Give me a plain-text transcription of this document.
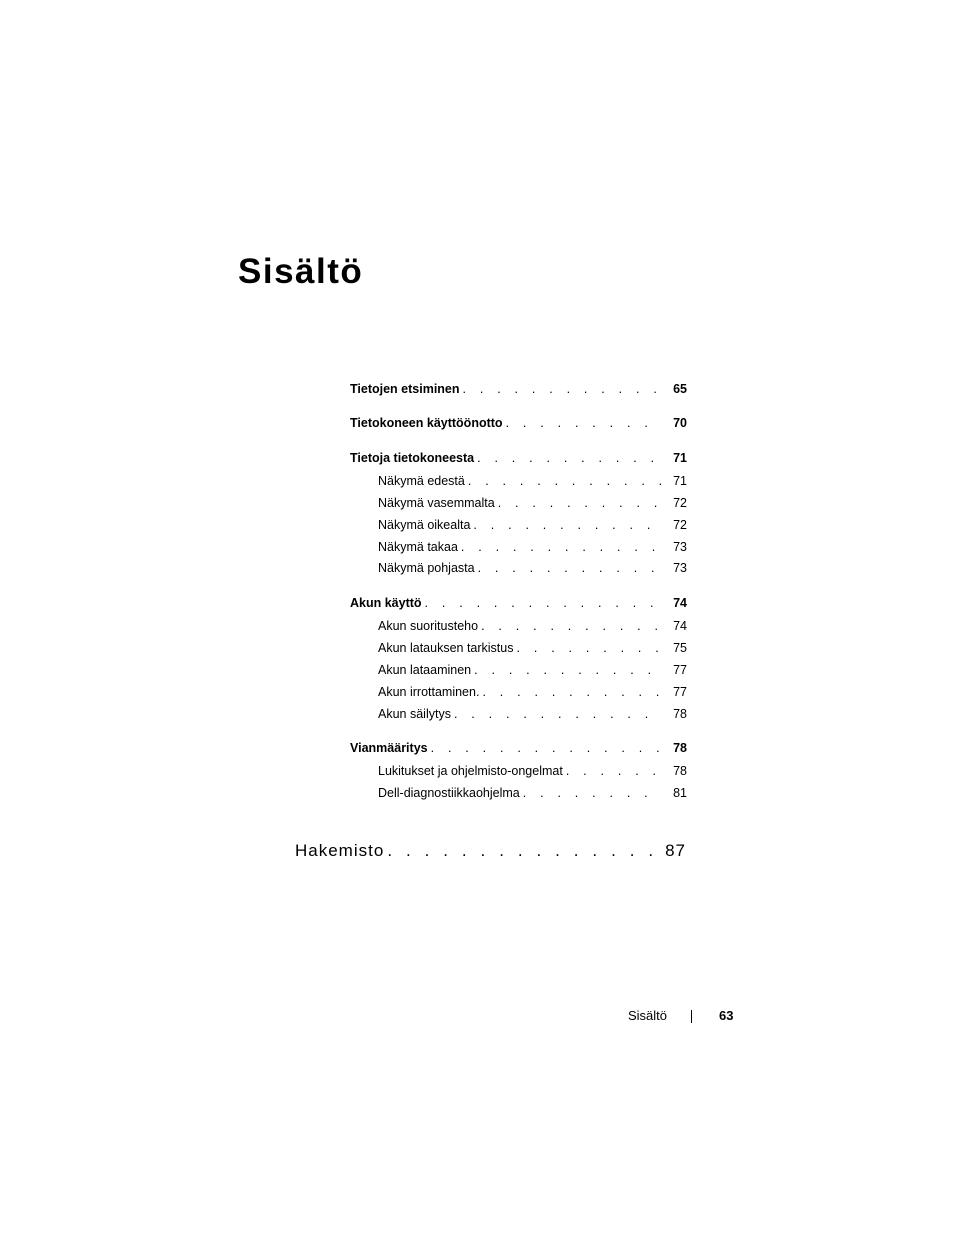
Sisältö
Tietojen etsiminen . . .	65
Tietokoneen käyttöönotto . . .	70
Tietoja tietokoneesta . . .	71
Näkymä edestä . . .	71
Näkymä vasemmalta . . .	72
Näkymä oikealta . . .	72
Näkymä takaa . . .	73
Näkymä pohjasta . . .	73
Akun käyttö . . .	74
Akun suoritusteho . . .	74
Akun latauksen tarkistus . . .	75
Akun lataaminen . . .	77
Akun irrottaminen. . . .	77
Akun säilytys . . .	78
Vianmääritys . . .	78
Lukitukset ja ohjelmisto-ongelmat . . .	78
Dell-diagnostiikkaohjelma . . .	81
Hakemisto . . .	87
Sisältö	63
